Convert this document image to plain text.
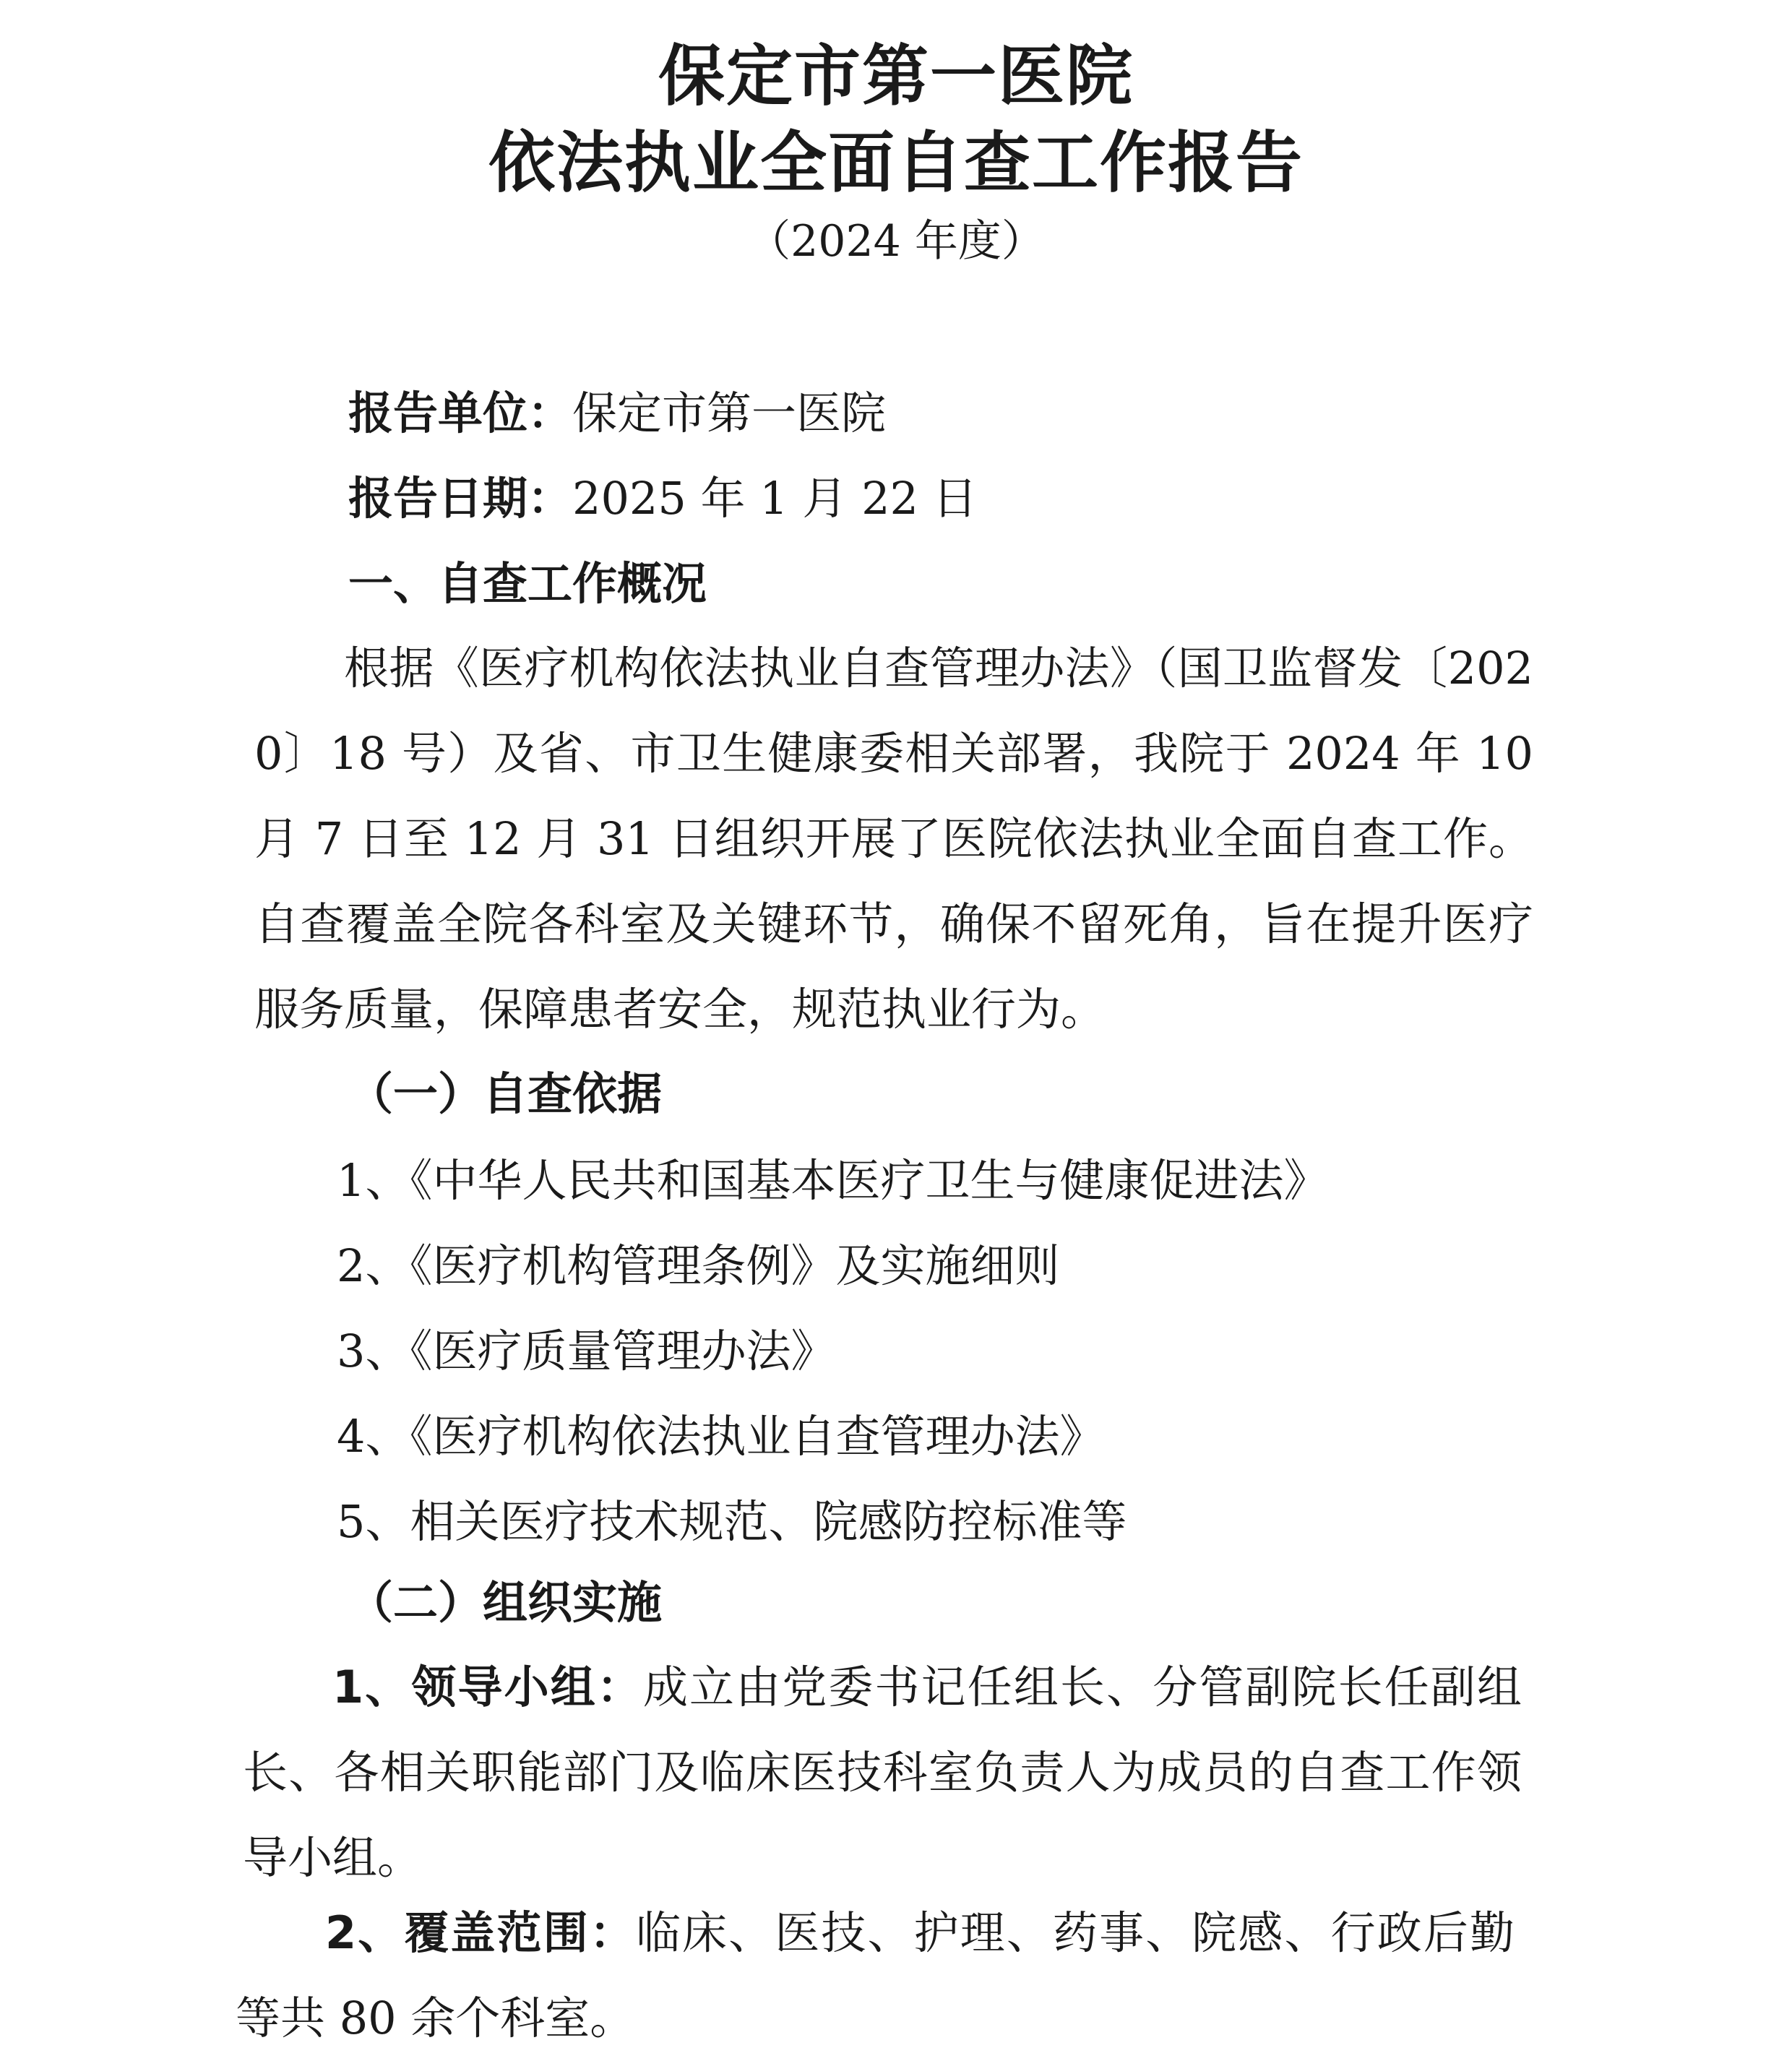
保定市第一医院
依法执业全面自查工作报告
（2024 年度）
报告单位： 保定市第一医院
报告日期： 2025 年 1 月 22 日
一、自查工作概况
根据《医疗机构依法执业自查管理办法》（国卫监督发〔2020〕18 号）及省、市卫生健康委相关部署，我院于 2024 年 10 月 7 日至 12 月 31 日组织开展了医院依法执业全面自查工作。自查覆盖全院各科室及关键环节，确保不留死角，旨在提升医疗服务质量，保障患者安全，规范执业行为。
（一）自查依据
1、《中华人民共和国基本医疗卫生与健康促进法》
2、《医疗机构管理条例》及实施细则
3、《医疗质量管理办法》
4、《医疗机构依法执业自查管理办法》
5、相关医疗技术规范、院感防控标准等
（二）组织实施
1、领导小组：成立由党委书记任组长、分管副院长任副组长、各相关职能部门及临床医技科室负责人为成员的自查工作领导小组。
2、覆盖范围：临床、医技、护理、药事、院感、行政后勤等共 80 余个科室。
